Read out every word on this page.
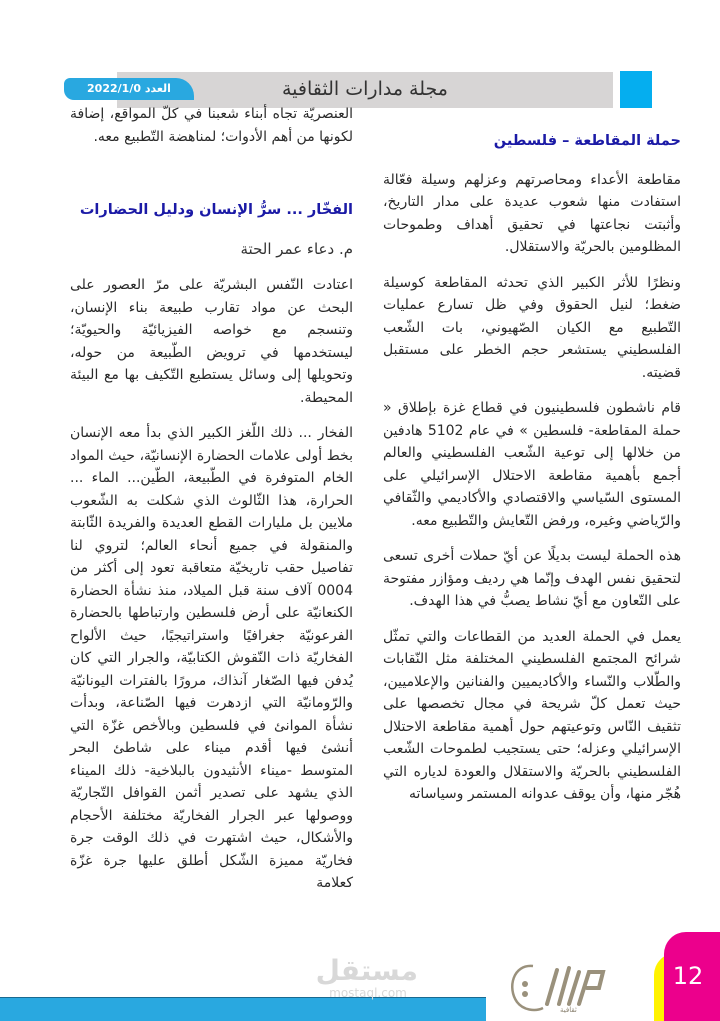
مجلة مدارات الثقافية
العدد 2022/1/0
حملة المقاطعة – فلسطين

مقاطعة الأعداء ومحاصرتهم وعزلهم وسيلة فعّالة استفادت منها شعوب عديدة على مدار التاريخ، وأثبتت نجاعتها في تحقيق أهداف وطموحات المظلومين بالحريّة والاستقلال.

ونظرًا للأثر الكبير الذي تحدثه المقاطعة كوسيلة ضغط؛ لنيل الحقوق وفي ظل تسارع عمليات التّطبيع مع الكيان الصّهيوني، بات الشّعب الفلسطيني يستشعر حجم الخطر على مستقبل قضيته.

قام ناشطون فلسطينيون في قطاع غزة بإطلاق « حملة المقاطعة- فلسطين » في عام 5102 هادفين من خلالها إلى توعية الشّعب الفلسطيني والعالم أجمع بأهمية مقاطعة الاحتلال الإسرائيلي على المستوى السّياسي والاقتصادي والأكاديمي والثّقافي والرّياضي وغيره، ورفض التّعايش والتّطبيع معه.

هذه الحملة ليست بديلًا عن أيّ حملات أخرى تسعى لتحقيق نفس الهدف وإنّما هي رديف ومؤازر مفتوحة على التّعاون مع أيّ نشاط يصبُّ في هذا الهدف.

يعمل في الحملة العديد من القطاعات والتي تمثّل شرائح المجتمع الفلسطيني المختلفة مثل النّقابات والطّلاب والنّساء والأكاديميين والفنانين والإعلاميين، حيث تعمل كلّ شريحة في مجال تخصصها على تثقيف النّاس وتوعيتهم حول أهمية مقاطعة الاحتلال الإسرائيلي وعزله؛ حتى يستجيب لطموحات الشّعب الفلسطيني بالحريّة والاستقلال والعودة لدياره التي هُجّر منها، وأن يوقف عدوانه المستمر وسياساته

العنصريّة تجاه أبناء شعبنا في كلّ المواقع، إضافة لكونها من أهم الأدوات؛ لمناهضة التّطبيع معه.

الفخّار ... سرُّ الإنسان ودليل الحضارات
م. دعاء عمر الحتة

اعتادت النّفس البشريّة على مرّ العصور على البحث عن مواد تقارب طبيعة بناء الإنسان، وتنسجم مع خواصه الفيزيائيّة والحيويّة؛ ليستخدمها في ترويض الطّبيعة من حوله، وتحويلها إلى وسائل يستطيع التّكيف بها مع البيئة المحيطة.

الفخار ... ذلك اللّغز الكبير الذي بدأ معه الإنسان بخط أولى علامات الحضارة الإنسانيّة، حيث المواد الخام المتوفرة في الطّبيعة، الطّين... الماء ... الحرارة، هذا الثّالوث الذي شكلت به الشّعوب ملايين بل مليارات القطع العديدة والفريدة الثّابتة والمنقولة في جميع أنحاء العالم؛ لتروي لنا تفاصيل حقب تاريخيّة متعاقبة تعود إلى أكثر من 0004 آلاف سنة قبل الميلاد، منذ نشأة الحضارة الكنعانيّة على أرض فلسطين وارتباطها بالحضارة الفرعونيّة جغرافيًا واستراتيجيًا، حيث الألواح الفخاريّة ذات النّقوش الكتابيّة، والجرار التي كان يُدفن فيها الصّغار آنذاك، مرورًا بالفترات اليونانيّة والرّومانيّة التي ازدهرت فيها الصّناعة، وبدأت نشأة الموانئ في فلسطين وبالأخص غزّة التي أنشئ فيها أقدم ميناء على شاطئ البحر المتوسط -ميناء الأنثيدون بالبلاخية- ذلك الميناء الذي يشهد على تصدير أثمن القوافل التّجاريّة ووصولها عبر الجرار الفخاريّة مختلفة الأحجام والأشكال، حيث اشتهرت في ذلك الوقت جرة فخاريّة مميزة الشّكل أطلق عليها جرة غزّة كعلامة

مستقل
mostaql.com
ثقافية
12
